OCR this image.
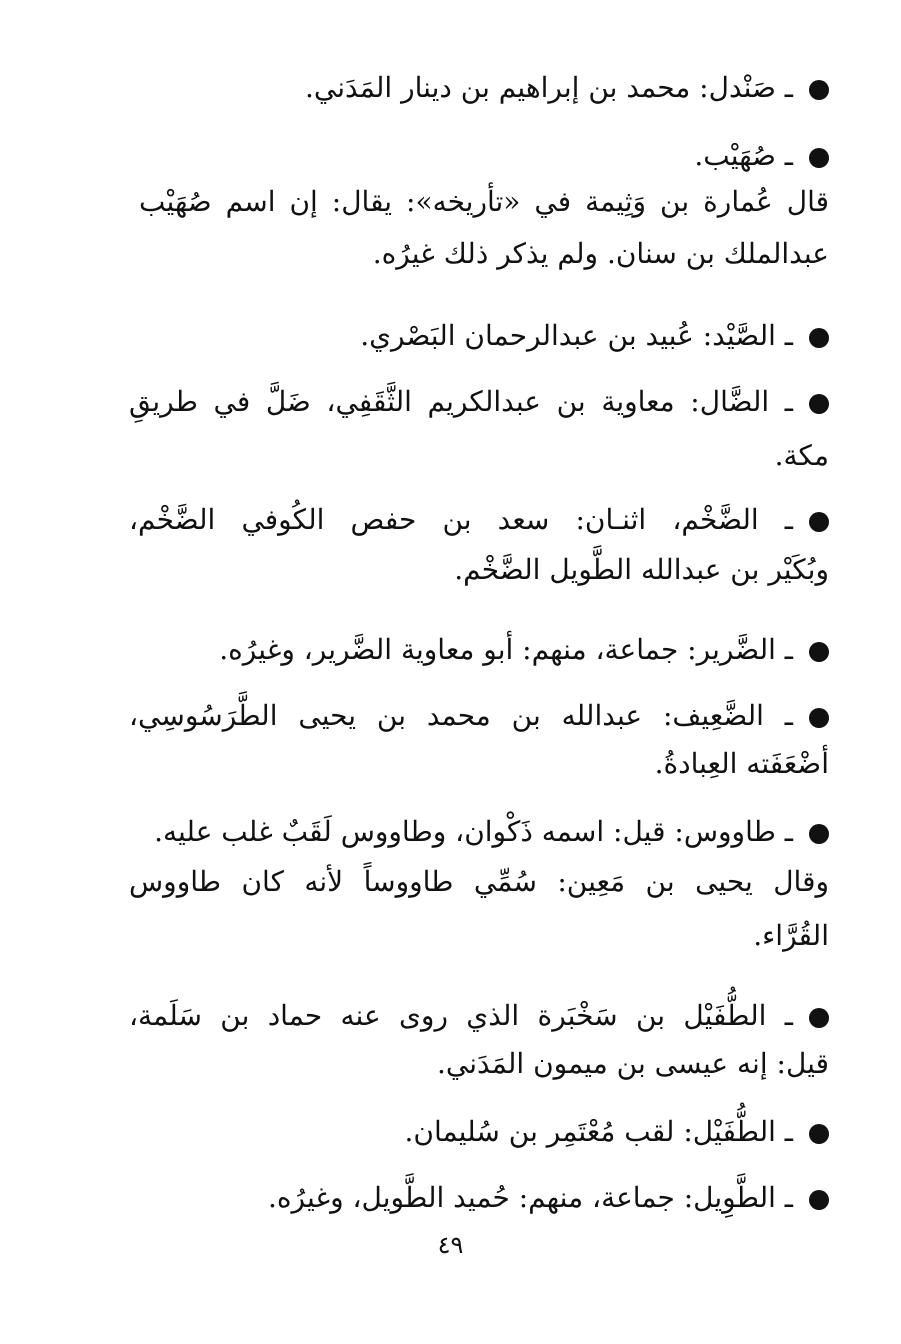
ـ صَنْدل: محمد بن إبراهيم بن دينار المَدَني.
ـ صُهَيْب.
قال عُمارة بن وَثِيمة في «تأريخه»: يقال: إن اسم صُهَيْب
عبدالملك بن سنان. ولم يذكر ذلك غيرُه.
ـ الصَّيْد: عُبيد بن عبدالرحمان البَصْري.
ـ الضَّال: معاوية بن عبدالكريم الثَّقَفِي، ضَلَّ في طريقِ
مكة.
ـ الضَّخْم، اثنـان: سعد بن حفص الكُوفي الضَّخْم،
وبُكَيْر بن عبدالله الطَّويل الضَّخْم.
ـ الضَّرير: جماعة، منهم: أبو معاوية الضَّرير، وغيرُه.
ـ الضَّعِيف: عبدالله بن محمد بن يحيى الطَّرَسُوسِي،
أضْعَفَته العِبادةُ.
ـ طاووس: قيل: اسمه ذَكْوان، وطاووس لَقَبٌ غلب عليه.
وقال يحيى بن مَعِين: سُمِّي طاووساً لأنه كان طاووس
القُرَّاء.
ـ الطُّفَيْل بن سَخْبَرة الذي روى عنه حماد بن سَلَمة،
قيل: إنه عيسى بن ميمون المَدَني.
ـ الطُّفَيْل: لقب مُعْتَمِر بن سُليمان.
ـ الطَّوِيل: جماعة، منهم: حُميد الطَّويل، وغيرُه.
٤٩
